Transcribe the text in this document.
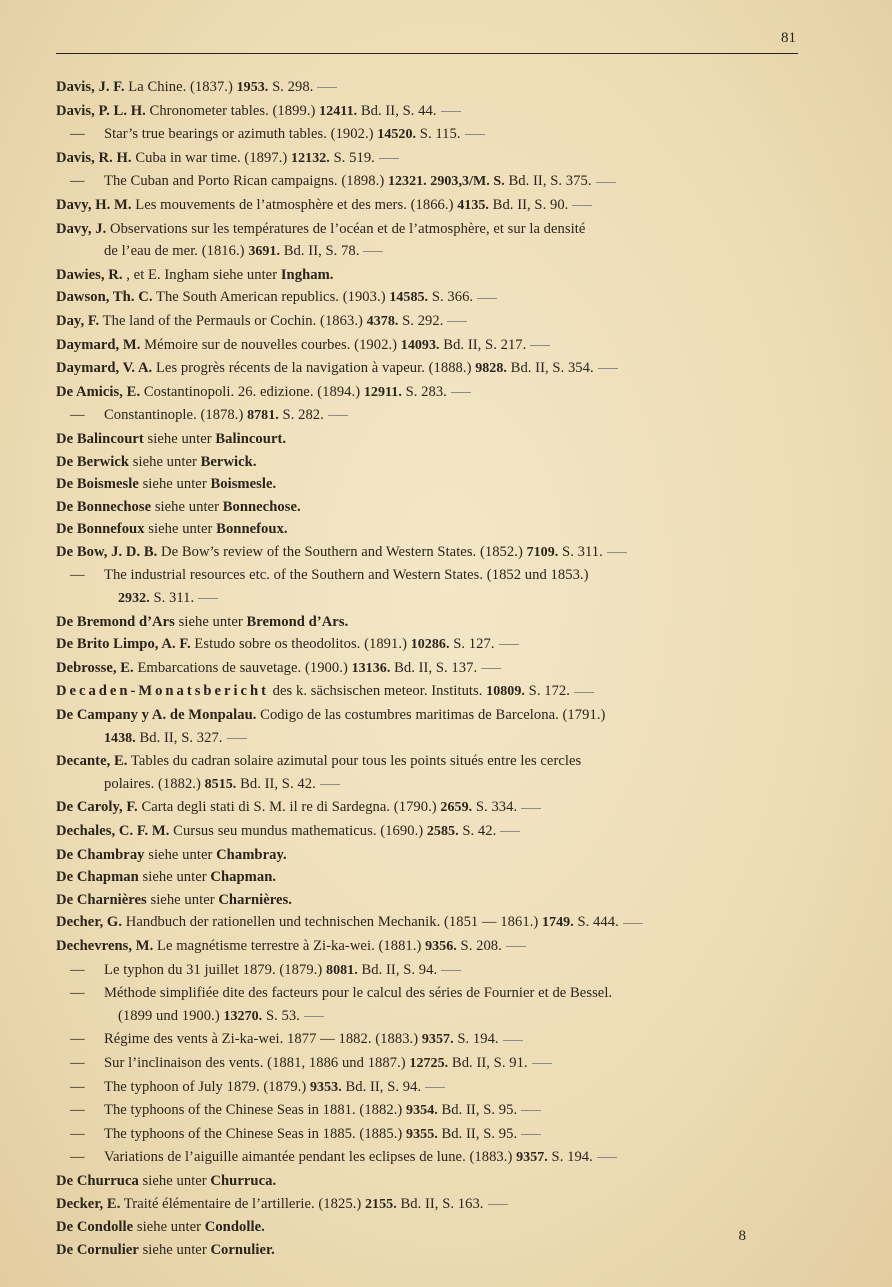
81
Davis, J. F. La Chine. (1837.) 1953. S. 298.
Davis, P. L. H. Chronometer tables. (1899.) 12411. Bd. II, S. 44.
— Star’s true bearings or azimuth tables. (1902.) 14520. S. 115.
Davis, R. H. Cuba in war time. (1897.) 12132. S. 519.
— The Cuban and Porto Rican campaigns. (1898.) 12321. 2903,3/M. S. Bd. II, S. 375.
Davy, H. M. Les mouvements de l’atmosphère et des mers. (1866.) 4135. Bd. II, S. 90.
Davy, J. Observations sur les températures de l’océan et de l’atmosphère, et sur la densité
de l’eau de mer. (1816.) 3691. Bd. II, S. 78.
Dawies, R. , et E. Ingham siehe unter Ingham.
Dawson, Th. C. The South American republics. (1903.) 14585. S. 366.
Day, F. The land of the Permauls or Cochin. (1863.) 4378. S. 292.
Daymard, M. Mémoire sur de nouvelles courbes. (1902.) 14093. Bd. II, S. 217.
Daymard, V. A. Les progrès récents de la navigation à vapeur. (1888.) 9828. Bd. II, S. 354.
De Amicis, E. Costantinopoli. 26. edizione. (1894.) 12911. S. 283.
— Constantinople. (1878.) 8781. S. 282.
De Balincourt siehe unter Balincourt.
De Berwick siehe unter Berwick.
De Boismesle siehe unter Boismesle.
De Bonnechose siehe unter Bonnechose.
De Bonnefoux siehe unter Bonnefoux.
De Bow, J. D. B. De Bow’s review of the Southern and Western States. (1852.) 7109. S. 311.
— The industrial resources etc. of the Southern and Western States. (1852 und 1853.)
2932. S. 311.
De Bremond d’Ars siehe unter Bremond d’Ars.
De Brito Limpo, A. F. Estudo sobre os theodolitos. (1891.) 10286. S. 127.
Debrosse, E. Embarcations de sauvetage. (1900.) 13136. Bd. II, S. 137.
Decaden-Monatsbericht des k. sächsischen meteor. Instituts. 10809. S. 172.
De Campany y A. de Monpalau. Codigo de las costumbres maritimas de Barcelona. (1791.)
1438. Bd. II, S. 327.
Decante, E. Tables du cadran solaire azimutal pour tous les points situés entre les cercles
polaires. (1882.) 8515. Bd. II, S. 42.
De Caroly, F. Carta degli stati di S. M. il re di Sardegna. (1790.) 2659. S. 334.
Dechales, C. F. M. Cursus seu mundus mathematicus. (1690.) 2585. S. 42.
De Chambray siehe unter Chambray.
De Chapman siehe unter Chapman.
De Charnières siehe unter Charnières.
Decher, G. Handbuch der rationellen und technischen Mechanik. (1851 — 1861.) 1749. S. 444.
Dechevrens, M. Le magnétisme terrestre à Zi-ka-wei. (1881.) 9356. S. 208.
— Le typhon du 31 juillet 1879. (1879.) 8081. Bd. II, S. 94.
— Méthode simplifiée dite des facteurs pour le calcul des séries de Fournier et de Bessel.
(1899 und 1900.) 13270. S. 53.
— Régime des vents à Zi-ka-wei. 1877 — 1882. (1883.) 9357. S. 194.
— Sur l’inclinaison des vents. (1881, 1886 und 1887.) 12725. Bd. II, S. 91.
— The typhoon of July 1879. (1879.) 9353. Bd. II, S. 94.
— The typhoons of the Chinese Seas in 1881. (1882.) 9354. Bd. II, S. 95.
— The typhoons of the Chinese Seas in 1885. (1885.) 9355. Bd. II, S. 95.
— Variations de l’aiguille aimantée pendant les eclipses de lune. (1883.) 9357. S. 194.
De Churruca siehe unter Churruca.
Decker, E. Traité élémentaire de l’artillerie. (1825.) 2155. Bd. II, S. 163.
De Condolle siehe unter Condolle.
De Cornulier siehe unter Cornulier.
8
